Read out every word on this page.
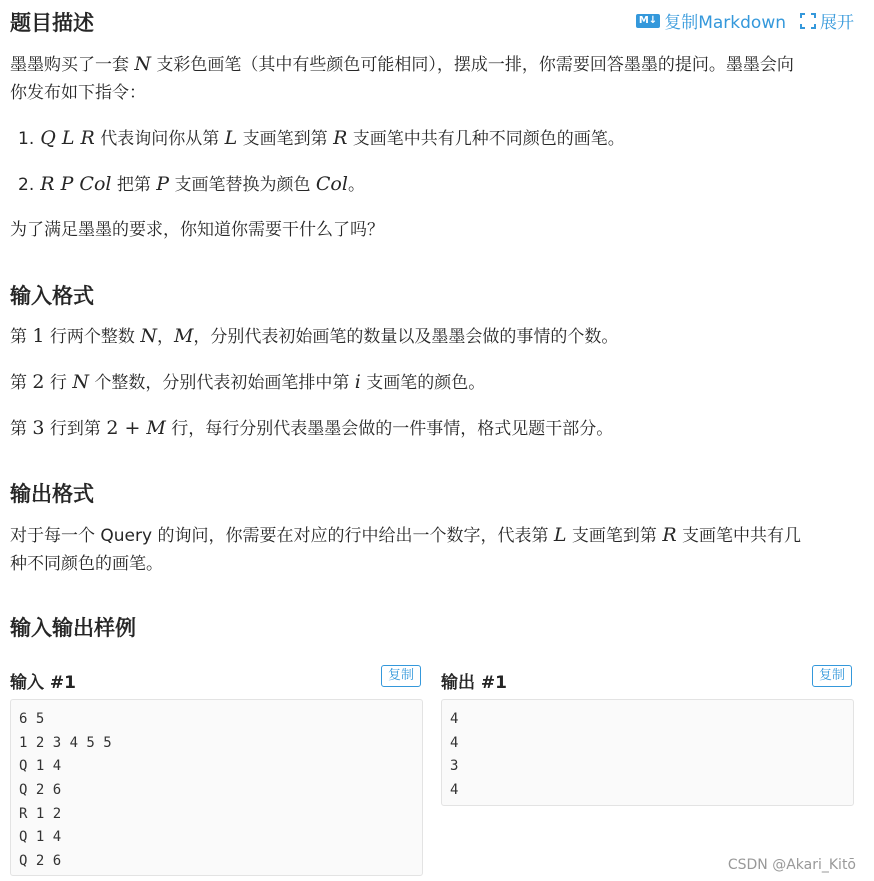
题目描述	M↓ 复制Markdown 展开

墨墨购买了一套 N 支彩色画笔（其中有些颜色可能相同），摆成一排，你需要回答墨墨的提问。墨墨会向
你发布如下指令：

1. Q L R 代表询问你从第 L 支画笔到第 R 支画笔中共有几种不同颜色的画笔。
2. R P Col 把第 P 支画笔替换为颜色 Col。

为了满足墨墨的要求，你知道你需要干什么了吗？

输入格式

第 1 行两个整数 N，M，分别代表初始画笔的数量以及墨墨会做的事情的个数。

第 2 行 N 个整数，分别代表初始画笔排中第 i 支画笔的颜色。

第 3 行到第 2 + M 行，每行分别代表墨墨会做的一件事情，格式见题干部分。

输出格式

对于每一个 Query 的询问，你需要在对应的行中给出一个数字，代表第 L 支画笔到第 R 支画笔中共有几
种不同颜色的画笔。

输入输出样例
输入 #1	复制
6 5
1 2 3 4 5 5
Q 1 4
Q 2 6
R 1 2
Q 1 4
Q 2 6
输出 #1	复制
4
4
3
4
CSDN @Akari_Kitō
